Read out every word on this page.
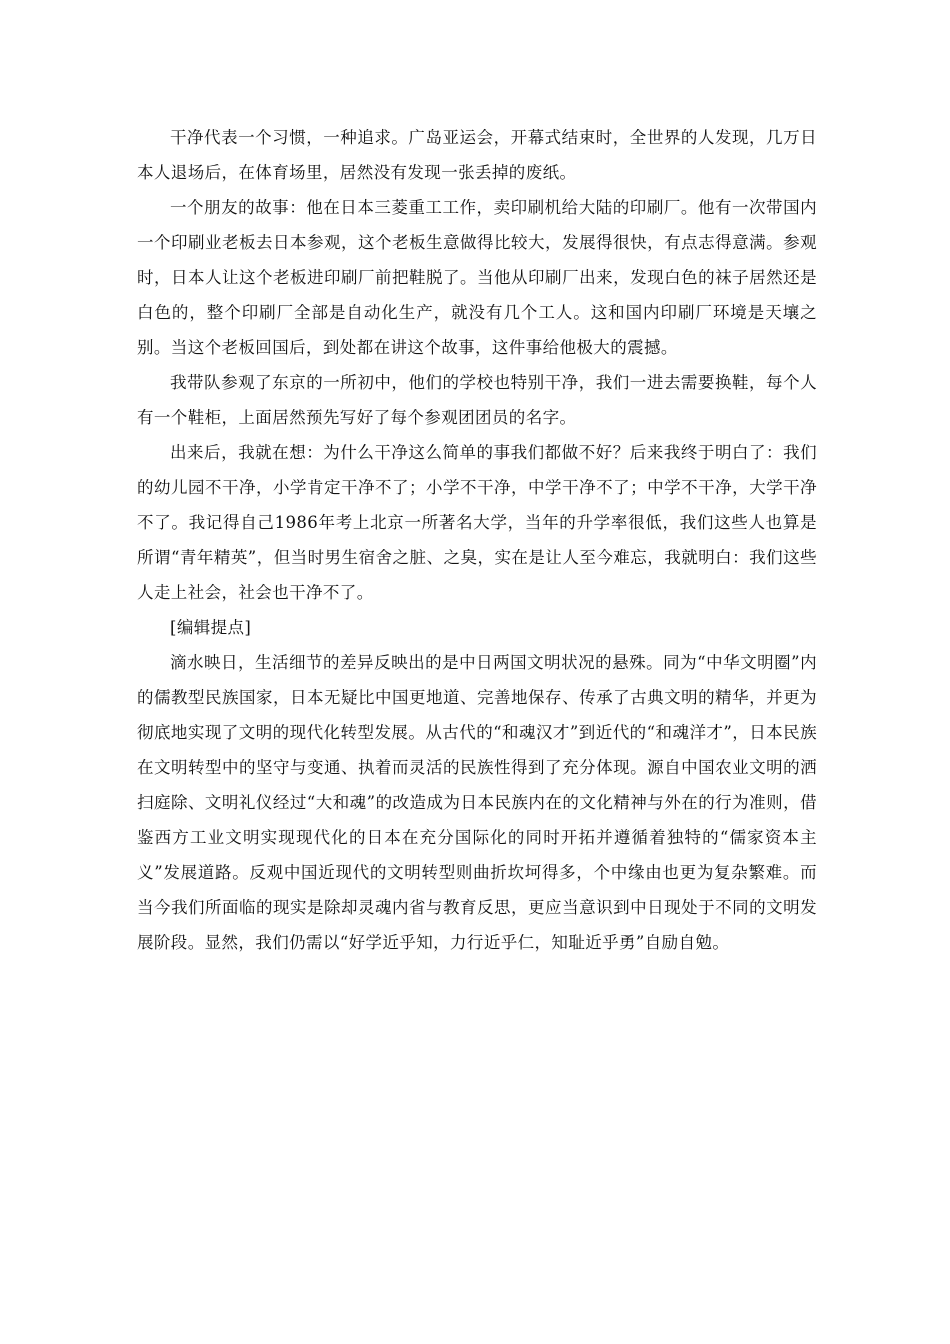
干净代表一个习惯，一种追求。广岛亚运会，开幕式结束时，全世界的人发现，几万日本人退场后，在体育场里，居然没有发现一张丢掉的废纸。

一个朋友的故事：他在日本三菱重工工作，卖印刷机给大陆的印刷厂。他有一次带国内一个印刷业老板去日本参观，这个老板生意做得比较大，发展得很快，有点志得意满。参观时，日本人让这个老板进印刷厂前把鞋脱了。当他从印刷厂出来，发现白色的袜子居然还是白色的，整个印刷厂全部是自动化生产，就没有几个工人。这和国内印刷厂环境是天壤之别。当这个老板回国后，到处都在讲这个故事，这件事给他极大的震撼。

我带队参观了东京的一所初中，他们的学校也特别干净，我们一进去需要换鞋，每个人有一个鞋柜，上面居然预先写好了每个参观团团员的名字。

出来后，我就在想：为什么干净这么简单的事我们都做不好？后来我终于明白了：我们的幼儿园不干净，小学肯定干净不了；小学不干净，中学干净不了；中学不干净，大学干净不了。我记得自己1986年考上北京一所著名大学，当年的升学率很低，我们这些人也算是所谓“青年精英”，但当时男生宿舍之脏、之臭，实在是让人至今难忘，我就明白：我们这些人走上社会，社会也干净不了。

[编辑提点]

滴水映日，生活细节的差异反映出的是中日两国文明状况的悬殊。同为“中华文明圈”内的儒教型民族国家，日本无疑比中国更地道、完善地保存、传承了古典文明的精华，并更为彻底地实现了文明的现代化转型发展。从古代的“和魂汉才”到近代的“和魂洋才”，日本民族在文明转型中的坚守与变通、执着而灵活的民族性得到了充分体现。源自中国农业文明的洒扫庭除、文明礼仪经过“大和魂”的改造成为日本民族内在的文化精神与外在的行为准则，借鉴西方工业文明实现现代化的日本在充分国际化的同时开拓并遵循着独特的“儒家资本主义”发展道路。反观中国近现代的文明转型则曲折坎坷得多，个中缘由也更为复杂繁难。而当今我们所面临的现实是除却灵魂内省与教育反思，更应当意识到中日现处于不同的文明发展阶段。显然，我们仍需以“好学近乎知，力行近乎仁，知耻近乎勇”自励自勉。
